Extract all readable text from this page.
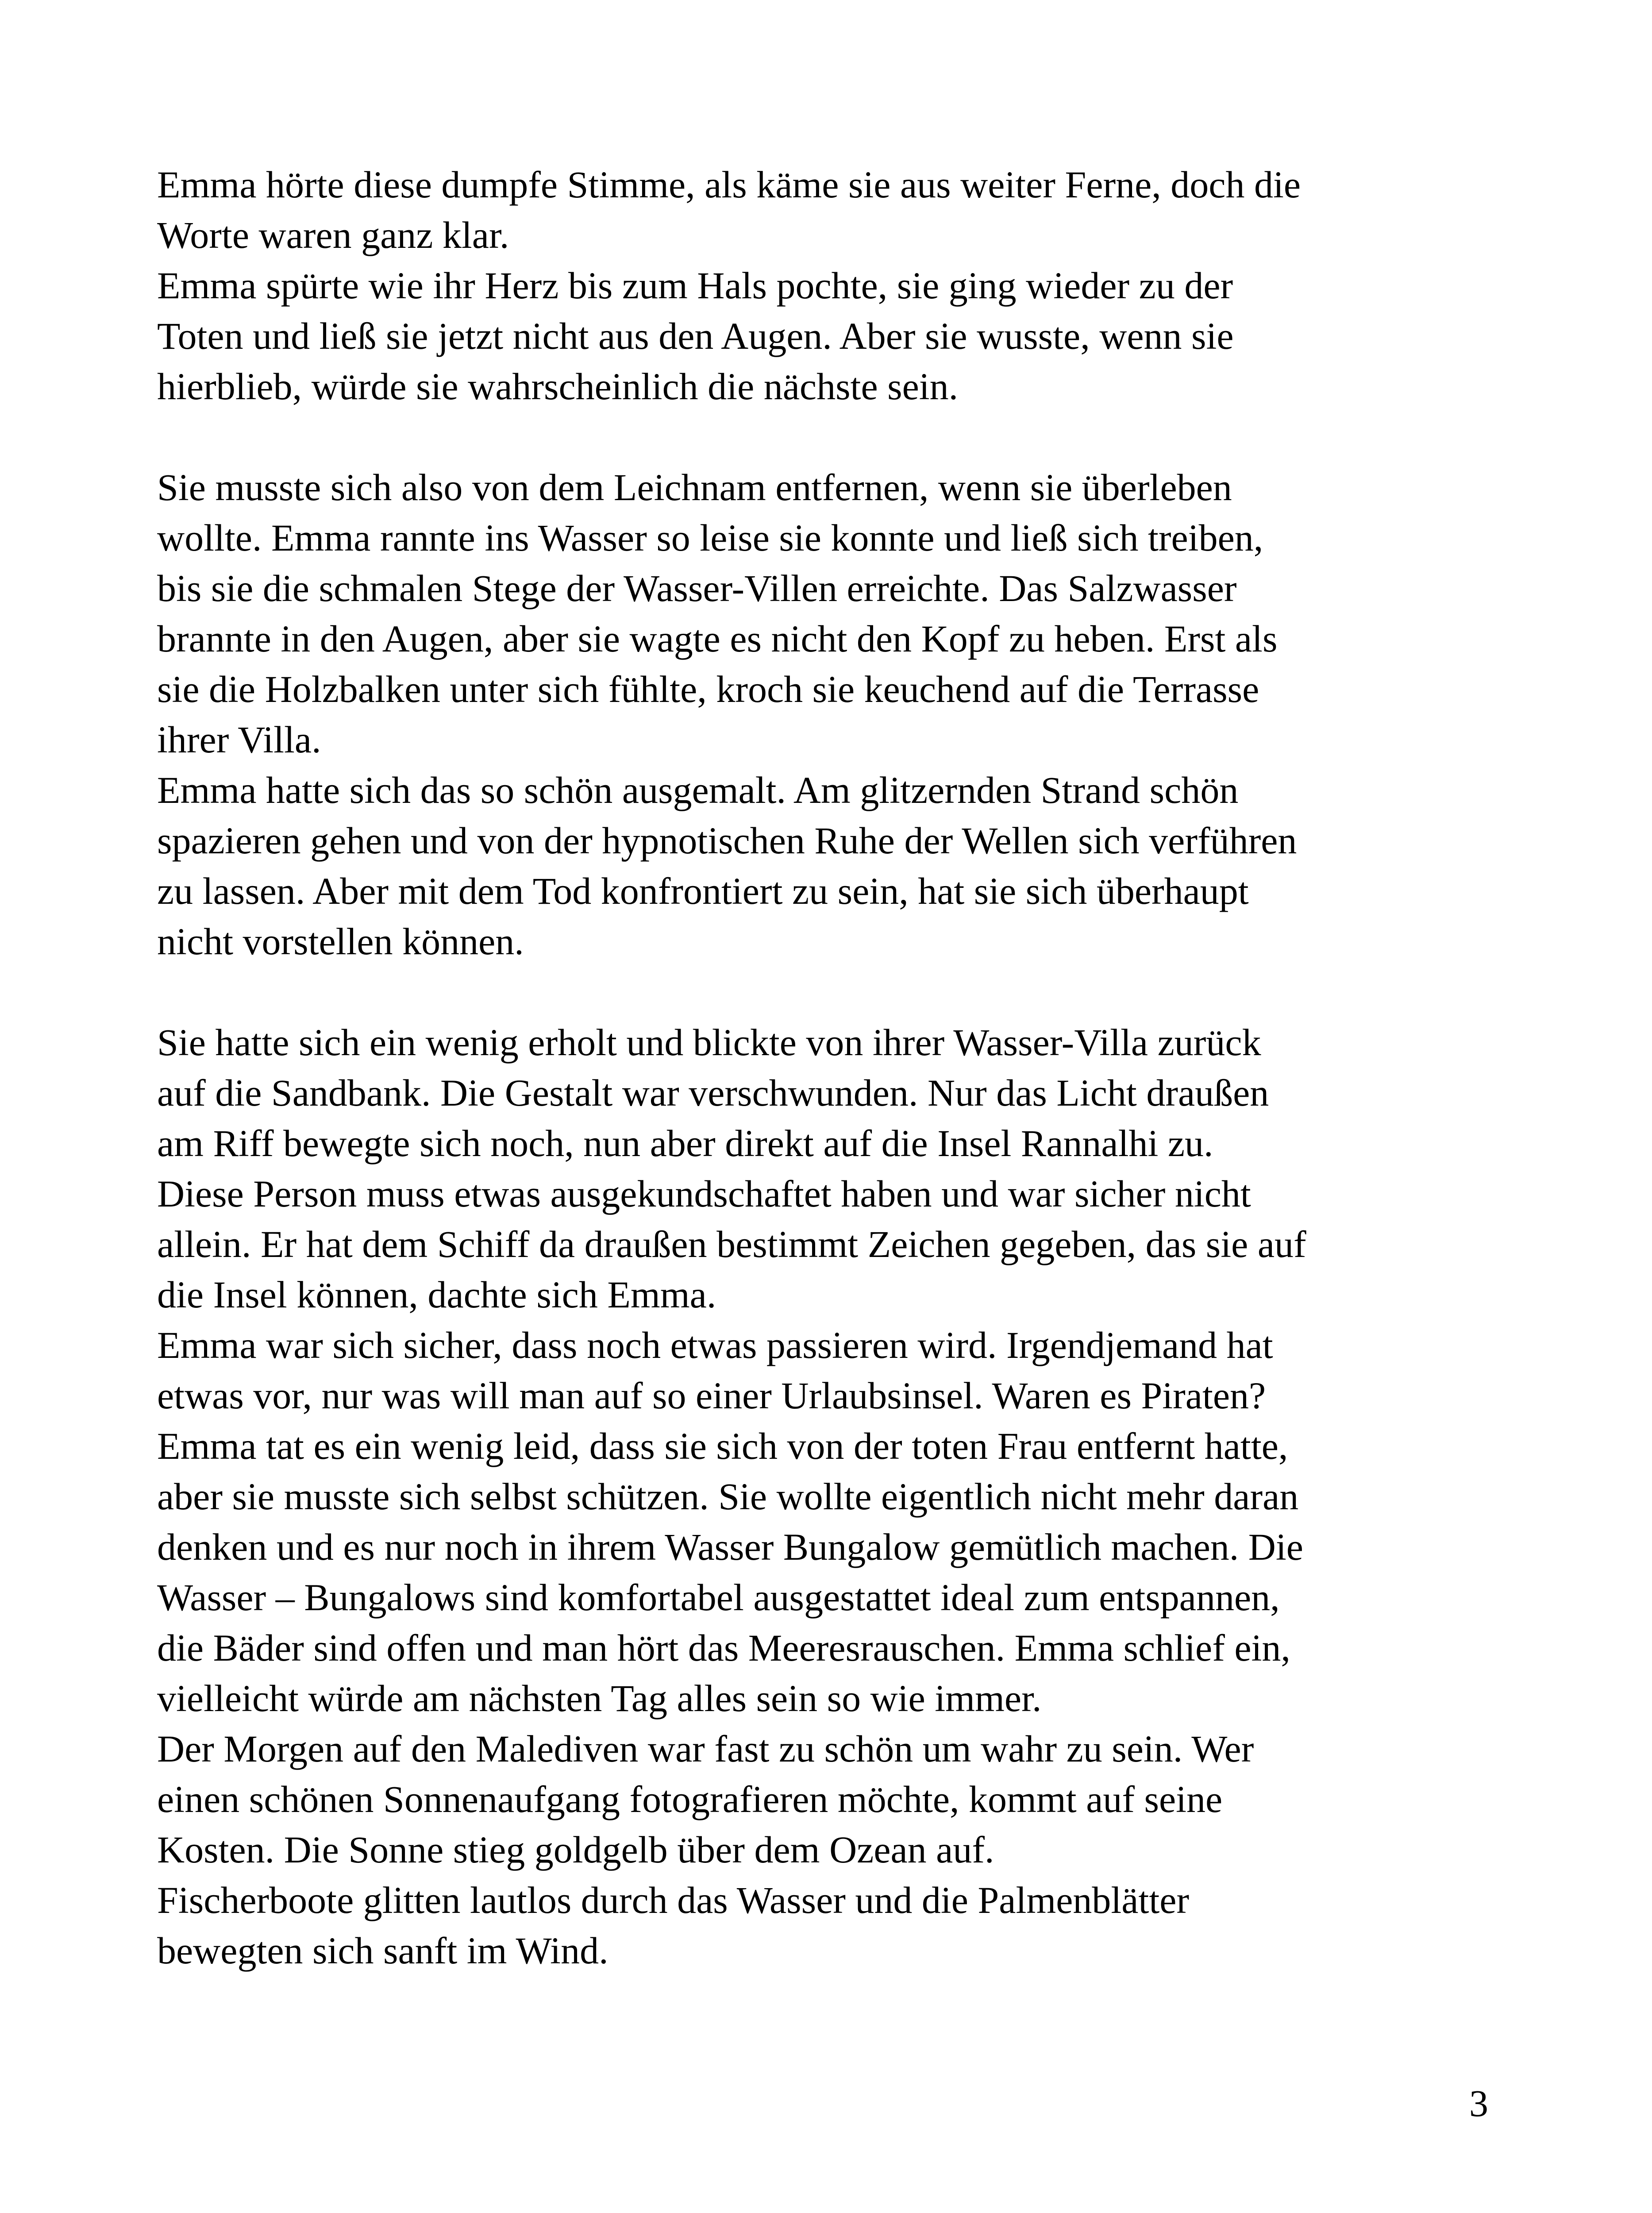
Emma hörte diese dumpfe Stimme, als käme sie aus weiter Ferne, doch die
Worte waren ganz klar.
Emma spürte wie ihr Herz bis zum Hals pochte, sie ging wieder zu der
Toten und ließ sie jetzt nicht aus den Augen. Aber sie wusste, wenn sie
hierblieb, würde sie wahrscheinlich die nächste sein.
Sie musste sich also von dem Leichnam entfernen, wenn sie überleben
wollte. Emma rannte ins Wasser so leise sie konnte und ließ sich treiben,
bis sie die schmalen Stege der Wasser-Villen erreichte. Das Salzwasser
brannte in den Augen, aber sie wagte es nicht den Kopf zu heben. Erst als
sie die Holzbalken unter sich fühlte, kroch sie keuchend auf die Terrasse
ihrer Villa.
Emma hatte sich das so schön ausgemalt. Am glitzernden Strand schön
spazieren gehen und von der hypnotischen Ruhe der Wellen sich verführen
zu lassen. Aber mit dem Tod konfrontiert zu sein, hat sie sich überhaupt
nicht vorstellen können.
Sie hatte sich ein wenig erholt und blickte von ihrer Wasser-Villa zurück
auf die Sandbank. Die Gestalt war verschwunden. Nur das Licht draußen
am Riff bewegte sich noch, nun aber direkt auf die Insel Rannalhi zu.
Diese Person muss etwas ausgekundschaftet haben und war sicher nicht
allein. Er hat dem Schiff da draußen bestimmt Zeichen gegeben, das sie auf
die Insel können, dachte sich Emma.
Emma war sich sicher, dass noch etwas passieren wird. Irgendjemand hat
etwas vor, nur was will man auf so einer Urlaubsinsel. Waren es Piraten?
Emma tat es ein wenig leid, dass sie sich von der toten Frau entfernt hatte,
aber sie musste sich selbst schützen. Sie wollte eigentlich nicht mehr daran
denken und es nur noch in ihrem Wasser Bungalow gemütlich machen. Die
Wasser – Bungalows sind komfortabel ausgestattet ideal zum entspannen,
die Bäder sind offen und man hört das Meeresrauschen. Emma schlief ein,
vielleicht würde am nächsten Tag alles sein so wie immer.
Der Morgen auf den Malediven war fast zu schön um wahr zu sein. Wer
einen schönen Sonnenaufgang fotografieren möchte, kommt auf seine
Kosten. Die Sonne stieg goldgelb über dem Ozean auf.
Fischerboote glitten lautlos durch das Wasser und die Palmenblätter
bewegten sich sanft im Wind.
3
